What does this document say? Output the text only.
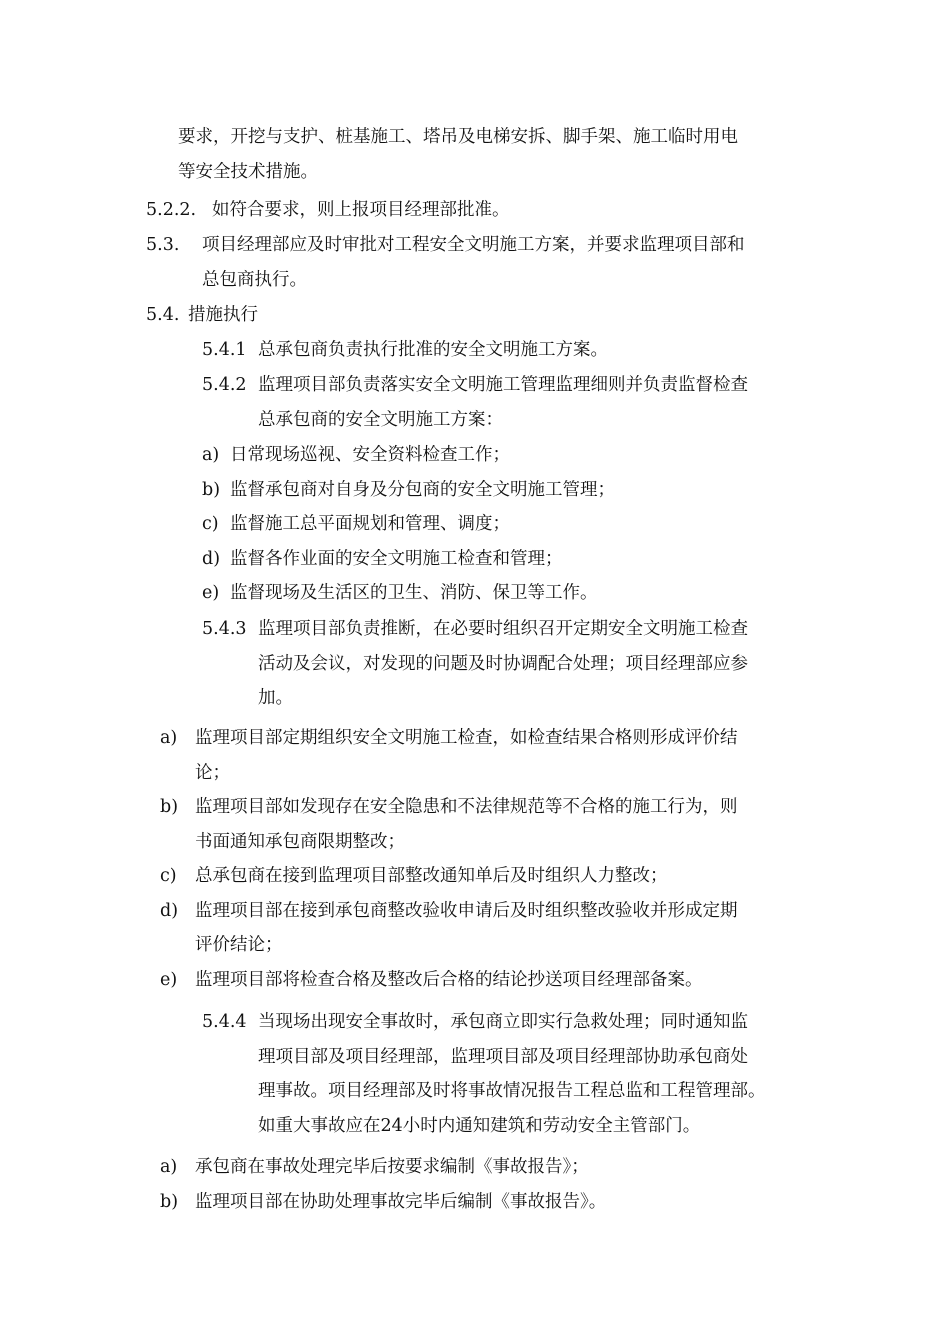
要求，开挖与支护、桩基施工、塔吊及电梯安拆、脚手架、施工临时用电
等安全技术措施。
5.2.2. 如符合要求，则上报项目经理部批准。
5.3. 项目经理部应及时审批对工程安全文明施工方案，并要求监理项目部和
总包商执行。
5.4. 措施执行
5.4.1 总承包商负责执行批准的安全文明施工方案。
5.4.2 监理项目部负责落实安全文明施工管理监理细则并负责监督检查
总承包商的安全文明施工方案：
a) 日常现场巡视、安全资料检查工作；
b) 监督承包商对自身及分包商的安全文明施工管理；
c) 监督施工总平面规划和管理、调度；
d) 监督各作业面的安全文明施工检查和管理；
e) 监督现场及生活区的卫生、消防、保卫等工作。
5.4.3 监理项目部负责推断，在必要时组织召开定期安全文明施工检查
活动及会议，对发现的问题及时协调配合处理；项目经理部应参
加。
a) 监理项目部定期组织安全文明施工检查，如检查结果合格则形成评价结
论；
b) 监理项目部如发现存在安全隐患和不法律规范等不合格的施工行为，则
书面通知承包商限期整改；
c) 总承包商在接到监理项目部整改通知单后及时组织人力整改；
d) 监理项目部在接到承包商整改验收申请后及时组织整改验收并形成定期
评价结论；
e) 监理项目部将检查合格及整改后合格的结论抄送项目经理部备案。
5.4.4 当现场出现安全事故时，承包商立即实行急救处理；同时通知监
理项目部及项目经理部，监理项目部及项目经理部协助承包商处
理事故。项目经理部及时将事故情况报告工程总监和工程管理部。
如重大事故应在24小时内通知建筑和劳动安全主管部门。
a) 承包商在事故处理完毕后按要求编制《事故报告》；
b) 监理项目部在协助处理事故完毕后编制《事故报告》。
